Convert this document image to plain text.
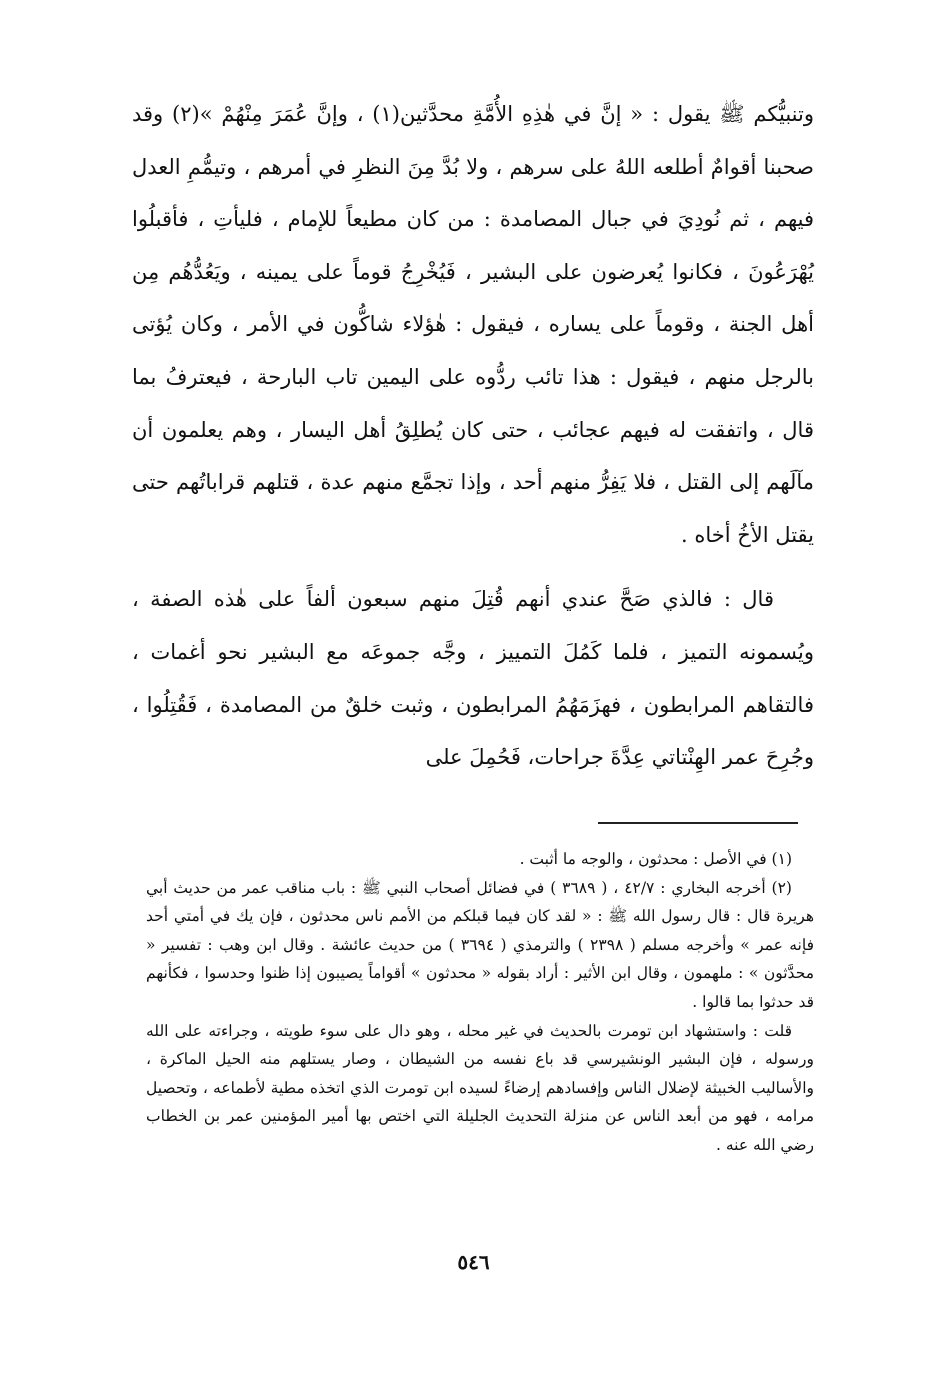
وتنبيُّكم ﷺ يقول : « إنَّ في هٰذِهِ الأُمَّةِ محدَّثين(١) ، وإنَّ عُمَرَ مِنْهُمْ »(٢) وقد صحبنا أقوامٌ أطلعه اللهُ على سرهم ، ولا بُدَّ مِنَ النظرِ في أمرهم ، وتيمُّمِ العدل فيهم ، ثم نُودِيَ في جبال المصامدة : من كان مطيعاً للإمام ، فليأتِ ، فأقبلُوا يُهْرَعُونَ ، فكانوا يُعرضون على البشير ، فَيُخْرِجُ قوماً على يمينه ، ويَعُدُّهُم مِن أهل الجنة ، وقوماً على يساره ، فيقول : هٰؤلاء شاكُّون في الأمر ، وكان يُؤتى بالرجل منهم ، فيقول : هذا تائب ردُّوه على اليمين تاب البارحة ، فيعترفُ بما قال ، واتفقت له فيهم عجائب ، حتى كان يُطلِقُ أهل اليسار ، وهم يعلمون أن مآلَهم إلى القتل ، فلا يَفِرُّ منهم أحد ، وإذا تجمَّع منهم عدة ، قتلهم قراباتُهم حتى يقتل الأخُ أخاه .

قال : فالذي صَحَّ عندي أنهم قُتِلَ منهم سبعون ألفاً على هٰذه الصفة ، ويُسمونه التميز ، فلما كَمُلَ التمييز ، وجَّه جموعَه مع البشير نحو أغمات ، فالتقاهم المرابطون ، فهزَمَهُمُ المرابطون ، وثبت خلقٌ من المصامدة ، فَقُتِلُوا ، وجُرِحَ عمر الهِنْتاتي عِدَّةَ جراحات، فَحُمِلَ على

(١) في الأصل : محدثون ، والوجه ما أثبت .

(٢) أخرجه البخاري : ٤٢/٧ ، ( ٣٦٨٩ ) في فضائل أصحاب النبي ﷺ : باب مناقب عمر من حديث أبي هريرة قال : قال رسول الله ﷺ : « لقد كان فيما قبلكم من الأمم ناس محدثون ، فإن يك في أمتي أحد فإنه عمر » وأخرجه مسلم ( ٢٣٩٨ ) والترمذي ( ٣٦٩٤ ) من حديث عائشة . وقال ابن وهب : تفسير « محدَّثون » : ملهمون ، وقال ابن الأثير : أراد بقوله « محدثون » أقواماً يصيبون إذا ظنوا وحدسوا ، فكأنهم قد حدثوا بما قالوا .

قلت : واستشهاد ابن تومرت بالحديث في غير محله ، وهو دال على سوء طويته ، وجراءته على الله ورسوله ، فإن البشير الونشيرسي قد باع نفسه من الشيطان ، وصار يستلهم منه الحيل الماكرة ، والأساليب الخبيثة لإضلال الناس وإفسادهم إرضاءً لسيده ابن تومرت الذي اتخذه مطية لأطماعه ، وتحصيل مرامه ، فهو من أبعد الناس عن منزلة التحديث الجليلة التي اختص بها أمير المؤمنين عمر بن الخطاب رضي الله عنه .

٥٤٦
